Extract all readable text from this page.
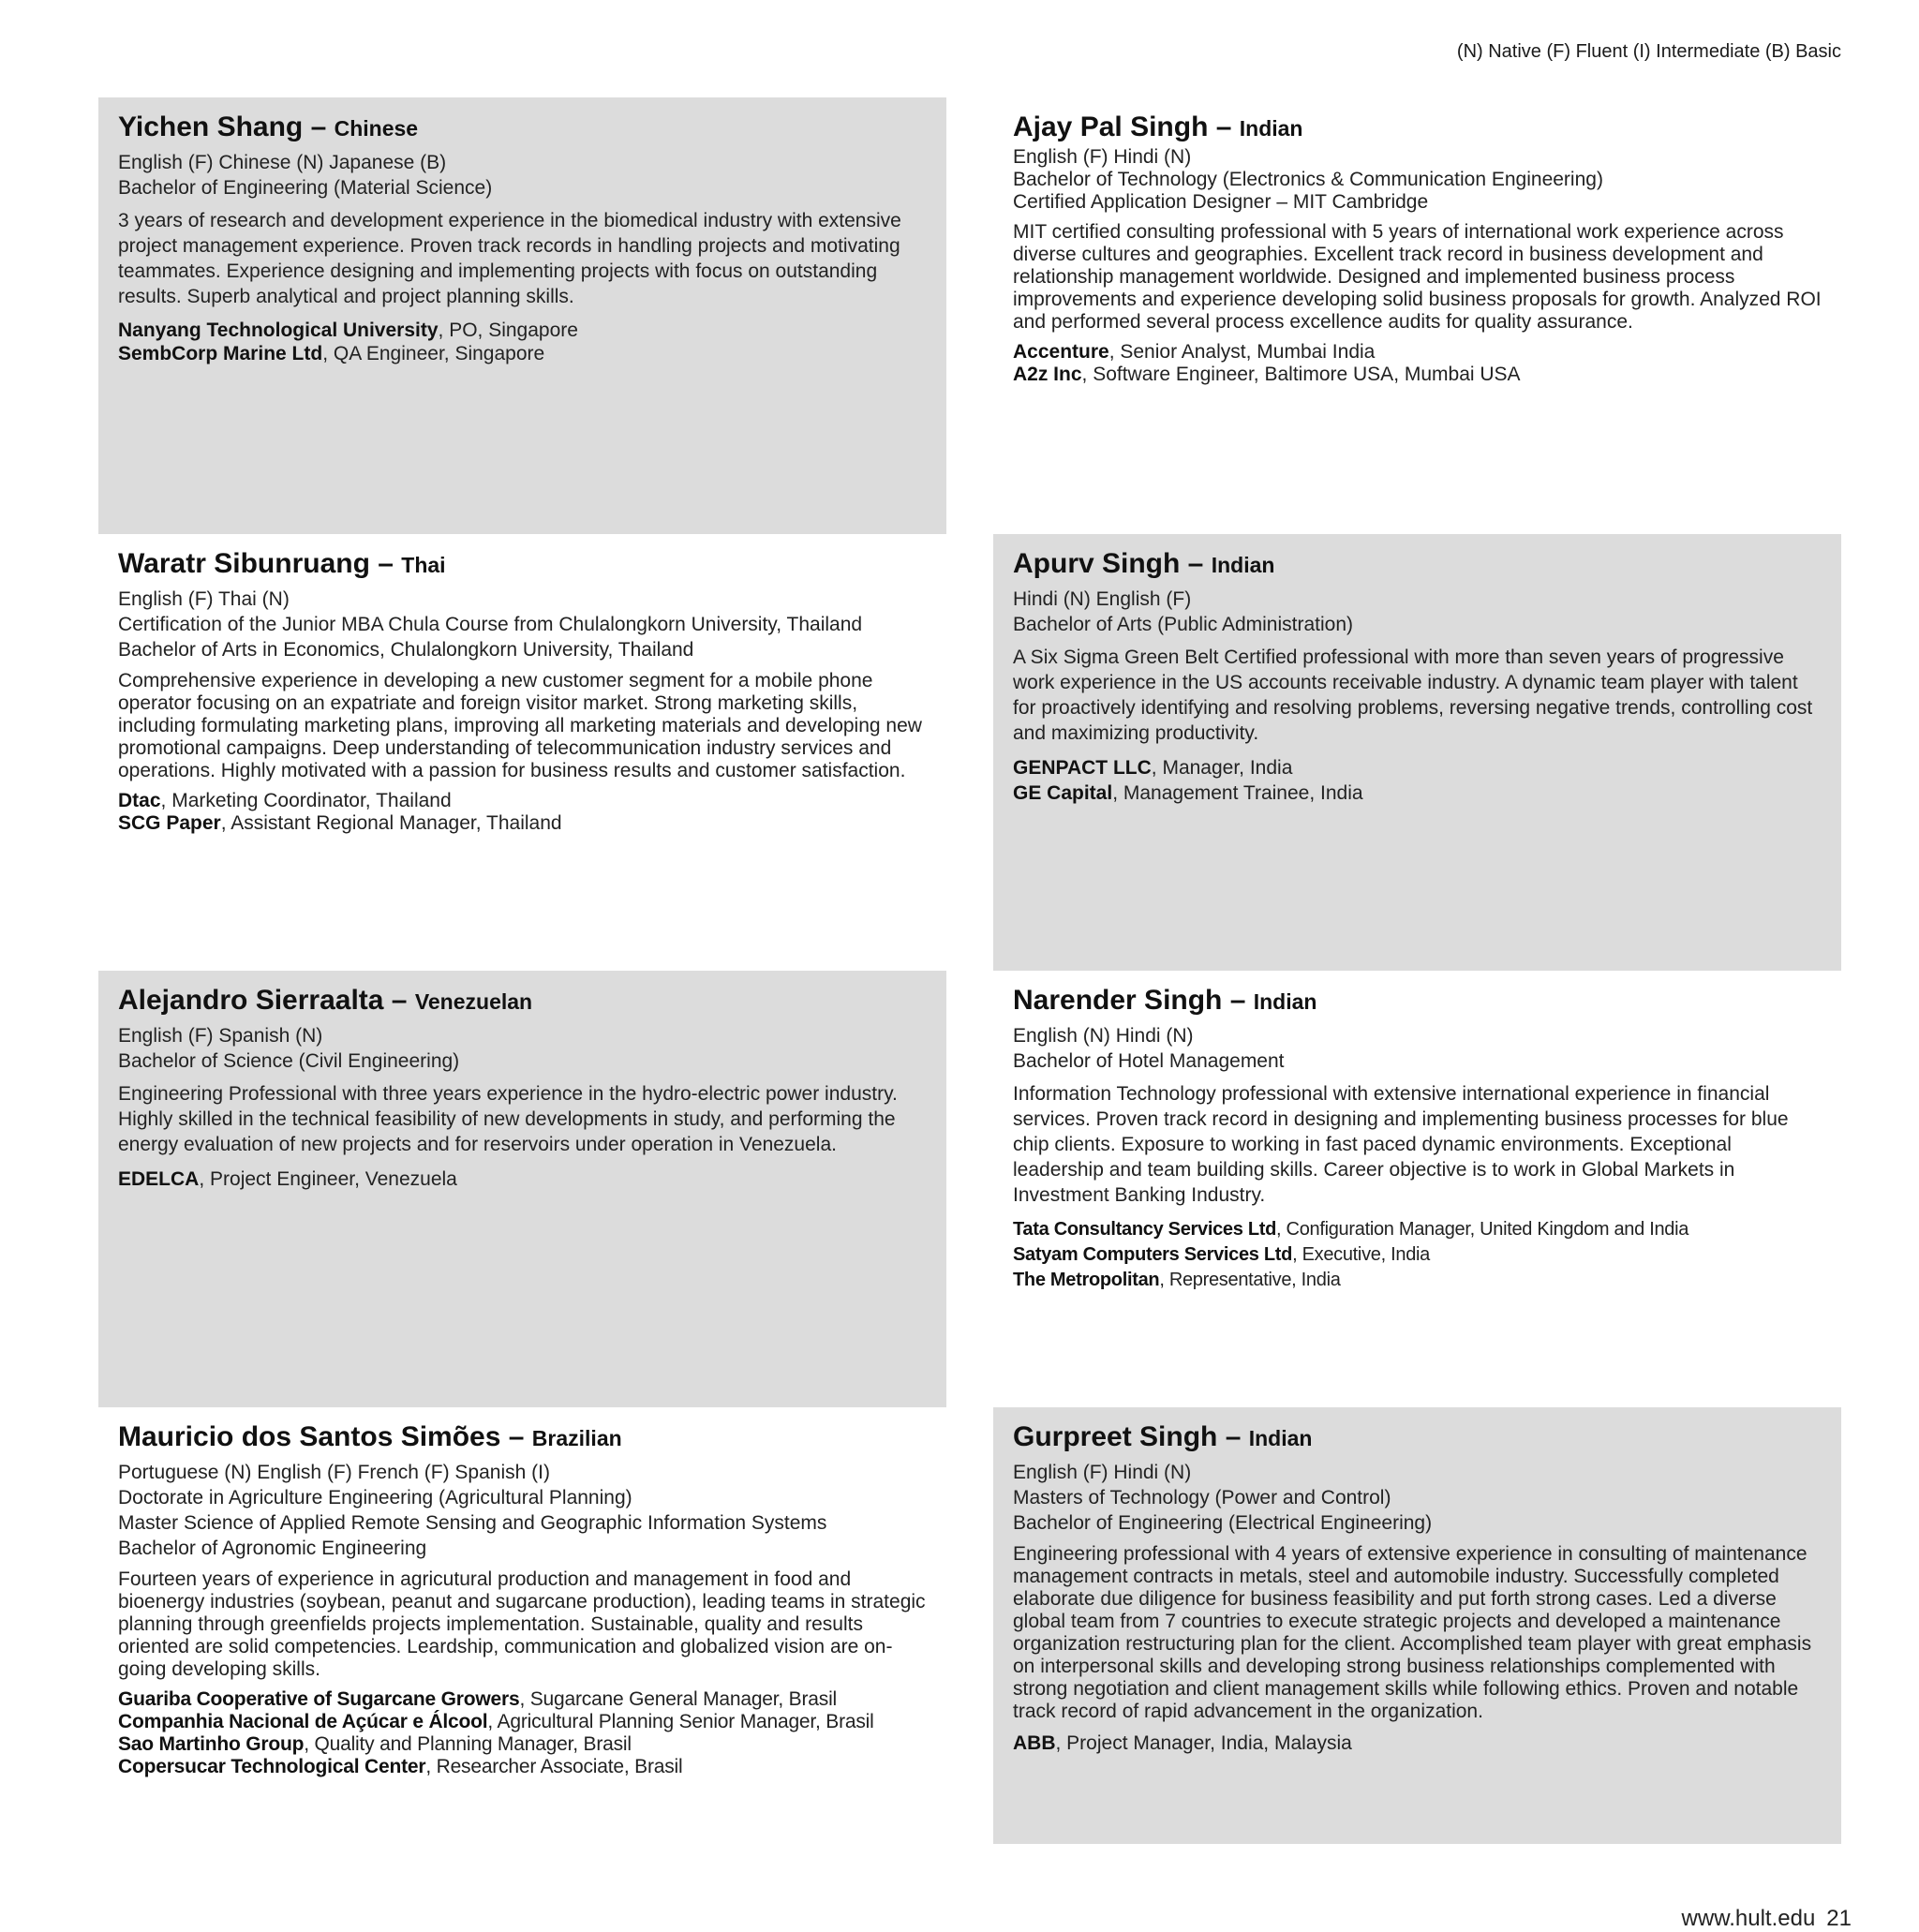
(N) Native (F) Fluent (I) Intermediate (B) Basic
Yichen Shang – Chinese
English (F) Chinese (N) Japanese (B)
Bachelor of Engineering (Material Science)
3 years of research and development experience in the biomedical industry with extensive project management experience. Proven track records in handling projects and motivating teammates. Experience designing and implementing projects with focus on outstanding results. Superb analytical and project planning skills.
Nanyang Technological University, PO, Singapore
SembCorp Marine Ltd, QA Engineer, Singapore
Ajay Pal Singh – Indian
English (F) Hindi (N)
Bachelor of Technology (Electronics & Communication Engineering)
Certified Application Designer – MIT Cambridge
MIT certified consulting professional with 5 years of international work experience across diverse cultures and geographies. Excellent track record in business development and relationship management worldwide. Designed and implemented business process improvements and experience developing solid business proposals for growth. Analyzed ROI and performed several process excellence audits for quality assurance.
Accenture, Senior Analyst, Mumbai India
A2z Inc, Software Engineer, Baltimore USA, Mumbai USA
Waratr Sibunruang – Thai
English (F) Thai (N)
Certification of the Junior MBA Chula Course from Chulalongkorn University, Thailand
Bachelor of Arts in Economics, Chulalongkorn University, Thailand
Comprehensive experience in developing a new customer segment for a mobile phone operator focusing on an expatriate and foreign visitor market. Strong marketing skills, including formulating marketing plans, improving all marketing materials and developing new promotional campaigns. Deep understanding of telecommunication industry services and operations. Highly motivated with a passion for business results and customer satisfaction.
Dtac, Marketing Coordinator, Thailand
SCG Paper, Assistant Regional Manager, Thailand
Apurv Singh – Indian
Hindi (N) English (F)
Bachelor of Arts (Public Administration)
A Six Sigma Green Belt Certified professional with more than seven years of progressive work experience in the US accounts receivable industry. A dynamic team player with talent for proactively identifying and resolving problems, reversing negative trends, controlling cost and maximizing productivity.
GENPACT LLC, Manager, India
GE Capital, Management Trainee, India
Alejandro Sierraalta – Venezuelan
English (F) Spanish (N)
Bachelor of Science (Civil Engineering)
Engineering Professional with three years experience in the hydro-electric power industry. Highly skilled in the technical feasibility of new developments in study, and performing the energy evaluation of new projects and for reservoirs under operation in Venezuela.
EDELCA, Project Engineer, Venezuela
Narender Singh – Indian
English (N) Hindi (N)
Bachelor of Hotel Management
Information Technology professional with extensive international experience in financial services. Proven track record in designing and implementing business processes for blue chip clients. Exposure to working in fast paced dynamic environments. Exceptional leadership and team building skills. Career objective is to work in Global Markets in Investment Banking Industry.
Tata Consultancy Services Ltd, Configuration Manager, United Kingdom and India
Satyam Computers Services Ltd, Executive, India
The Metropolitan, Representative, India
Mauricio dos Santos Simões – Brazilian
Portuguese (N) English (F) French (F) Spanish (I)
Doctorate in Agriculture Engineering (Agricultural Planning)
Master Science of Applied Remote Sensing and Geographic Information Systems
Bachelor of Agronomic Engineering
Fourteen years of experience in agricutural production and management in food and bioenergy industries (soybean, peanut and sugarcane production), leading teams in strategic planning through greenfields projects implementation. Sustainable, quality and results oriented are solid competencies. Leardship, communication and globalized vision are on-going developing skills.
Guariba Cooperative of Sugarcane Growers, Sugarcane General Manager, Brasil
Companhia Nacional de Açúcar e Álcool, Agricultural Planning Senior Manager, Brasil
Sao Martinho Group, Quality and Planning Manager, Brasil
Copersucar Technological Center, Researcher Associate, Brasil
Gurpreet Singh – Indian
English (F) Hindi (N)
Masters of Technology (Power and Control)
Bachelor of Engineering (Electrical Engineering)
Engineering professional with 4 years of extensive experience in consulting of maintenance management contracts in metals, steel and automobile industry. Successfully completed elaborate due diligence for business feasibility and put forth strong cases. Led a diverse global team from 7 countries to execute strategic projects and developed a maintenance organization restructuring plan for the client. Accomplished team player with great emphasis on interpersonal skills and developing strong business relationships complemented with strong negotiation and client management skills while following ethics. Proven and notable track record of rapid advancement in the organization.
ABB, Project Manager, India, Malaysia
www.hult.edu 21
